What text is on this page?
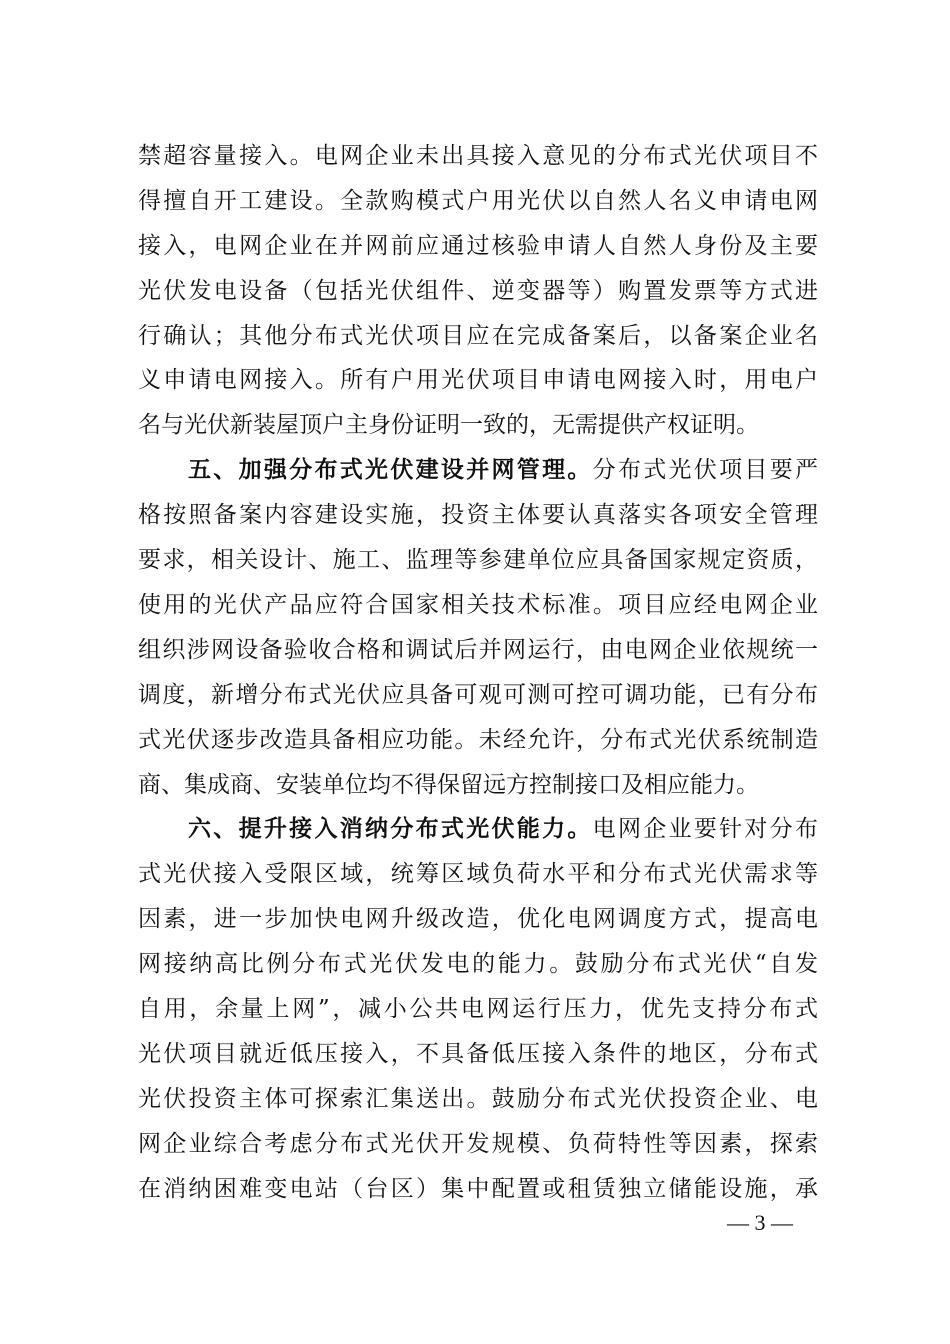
禁超容量接入。电网企业未出具接入意见的分布式光伏项目不
得擅自开工建设。全款购模式户用光伏以自然人名义申请电网
接入，电网企业在并网前应通过核验申请人自然人身份及主要
光伏发电设备（包括光伏组件、逆变器等）购置发票等方式进
行确认；其他分布式光伏项目应在完成备案后，以备案企业名
义申请电网接入。所有户用光伏项目申请电网接入时，用电户
名与光伏新装屋顶户主身份证明一致的，无需提供产权证明。
五、加强分布式光伏建设并网管理。分布式光伏项目要严
格按照备案内容建设实施，投资主体要认真落实各项安全管理
要求，相关设计、施工、监理等参建单位应具备国家规定资质，
使用的光伏产品应符合国家相关技术标准。项目应经电网企业
组织涉网设备验收合格和调试后并网运行，由电网企业依规统一
调度，新增分布式光伏应具备可观可测可控可调功能，已有分布
式光伏逐步改造具备相应功能。未经允许，分布式光伏系统制造
商、集成商、安装单位均不得保留远方控制接口及相应能力。
六、提升接入消纳分布式光伏能力。电网企业要针对分布
式光伏接入受限区域，统筹区域负荷水平和分布式光伏需求等
因素，进一步加快电网升级改造，优化电网调度方式，提高电
网接纳高比例分布式光伏发电的能力。鼓励分布式光伏“自发
自用，余量上网”，减小公共电网运行压力，优先支持分布式
光伏项目就近低压接入，不具备低压接入条件的地区，分布式
光伏投资主体可探索汇集送出。鼓励分布式光伏投资企业、电
网企业综合考虑分布式光伏开发规模、负荷特性等因素，探索
在消纳困难变电站（台区）集中配置或租赁独立储能设施，承
— 3 —
